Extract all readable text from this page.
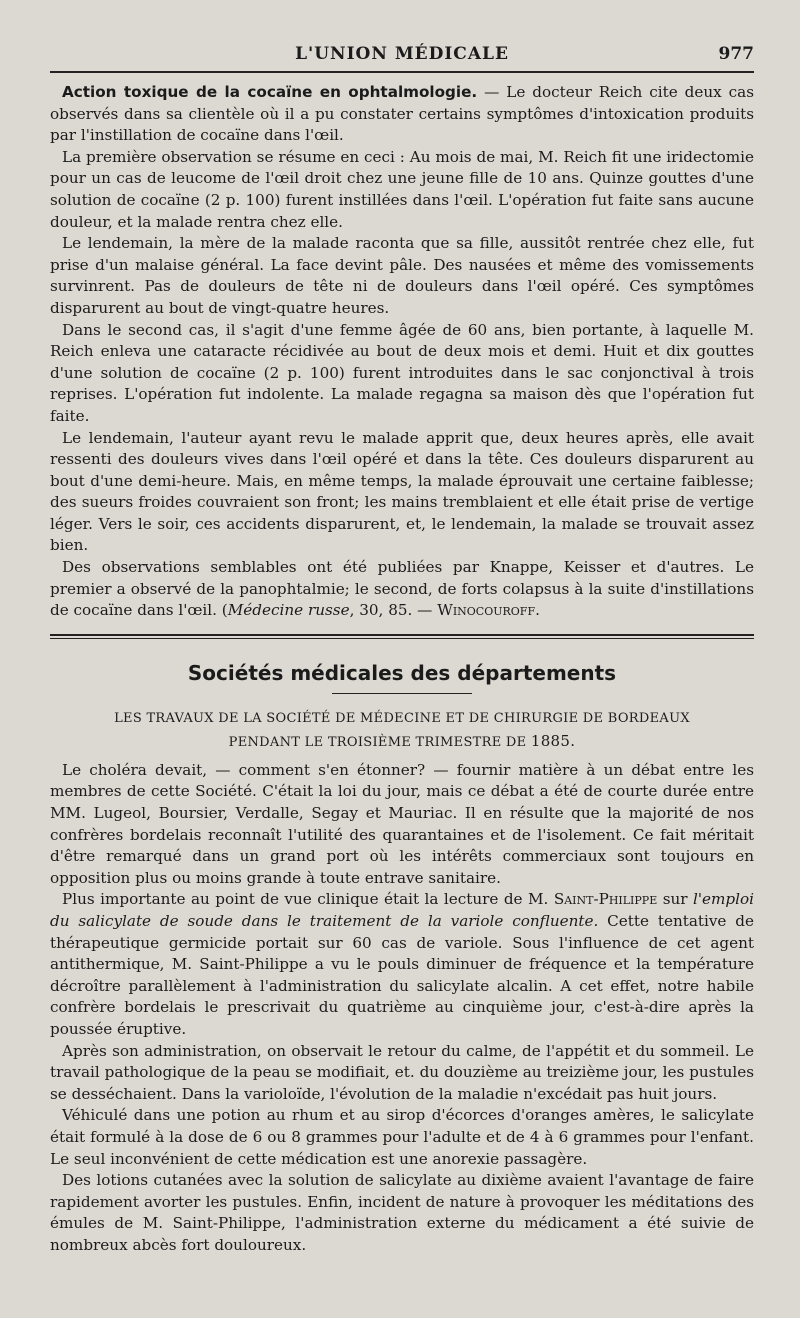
L'UNION MÉDICALE	977

Action toxique de la cocaïne en ophtalmologie. — Le docteur Reich cite deux cas observés dans sa clientèle où il a pu constater certains symptômes d'intoxication produits par l'instillation de cocaïne dans l'œil.

La première observation se résume en ceci : Au mois de mai, M. Reich fit une iridectomie pour un cas de leucome de l'œil droit chez une jeune fille de 10 ans. Quinze gouttes d'une solution de cocaïne (2 p. 100) furent instillées dans l'œil. L'opération fut faite sans aucune douleur, et la malade rentra chez elle.

Le lendemain, la mère de la malade raconta que sa fille, aussitôt rentrée chez elle, fut prise d'un malaise général. La face devint pâle. Des nausées et même des vomissements survinrent. Pas de douleurs de tête ni de douleurs dans l'œil opéré. Ces symptômes disparurent au bout de vingt-quatre heures.

Dans le second cas, il s'agit d'une femme âgée de 60 ans, bien portante, à laquelle M. Reich enleva une cataracte récidivée au bout de deux mois et demi. Huit et dix gouttes d'une solution de cocaïne (2 p. 100) furent introduites dans le sac conjonctival à trois reprises. L'opération fut indolente. La malade regagna sa maison dès que l'opération fut faite.

Le lendemain, l'auteur ayant revu le malade apprit que, deux heures après, elle avait ressenti des douleurs vives dans l'œil opéré et dans la tête. Ces douleurs disparurent au bout d'une demi-heure. Mais, en même temps, la malade éprouvait une certaine faiblesse; des sueurs froides couvraient son front; les mains tremblaient et elle était prise de vertige léger. Vers le soir, ces accidents disparurent, et, le lendemain, la malade se trouvait assez bien.

Des observations semblables ont été publiées par Knappe, Keisser et d'autres. Le premier a observé de la panophtalmie; le second, de forts colapsus à la suite d'instillations de cocaïne dans l'œil. (Médecine russe, 30, 85. — Winocouroff.

Sociétés médicales des départements
LES TRAVAUX DE LA SOCIÉTÉ DE MÉDECINE ET DE CHIRURGIE DE BORDEAUX
PENDANT LE TROISIÈME TRIMESTRE DE 1885.

Le choléra devait, — comment s'en étonner? — fournir matière à un débat entre les membres de cette Société. C'était la loi du jour, mais ce débat a été de courte durée entre MM. Lugeol, Boursier, Verdalle, Segay et Mauriac. Il en résulte que la majorité de nos confrères bordelais reconnaît l'utilité des quarantaines et de l'isolement. Ce fait méritait d'être remarqué dans un grand port où les intérêts commerciaux sont toujours en opposition plus ou moins grande à toute entrave sanitaire.

Plus importante au point de vue clinique était la lecture de M. Saint-Philippe sur l'emploi du salicylate de soude dans le traitement de la variole confluente. Cette tentative de thérapeutique germicide portait sur 60 cas de variole. Sous l'influence de cet agent antithermique, M. Saint-Philippe a vu le pouls diminuer de fréquence et la température décroître parallèlement à l'administration du salicylate alcalin. A cet effet, notre habile confrère bordelais le prescrivait du quatrième au cinquième jour, c'est-à-dire après la poussée éruptive.

Après son administration, on observait le retour du calme, de l'appétit et du sommeil. Le travail pathologique de la peau se modifiait, et. du douzième au treizième jour, les pustules se desséchaient. Dans la varioloïde, l'évolution de la maladie n'excédait pas huit jours.

Véhiculé dans une potion au rhum et au sirop d'écorces d'oranges amères, le salicylate était formulé à la dose de 6 ou 8 grammes pour l'adulte et de 4 à 6 grammes pour l'enfant. Le seul inconvénient de cette médication est une anorexie passagère.

Des lotions cutanées avec la solution de salicylate au dixième avaient l'avantage de faire rapidement avorter les pustules. Enfin, incident de nature à provoquer les méditations des émules de M. Saint-Philippe, l'administration externe du médicament a été suivie de nombreux abcès fort douloureux.
